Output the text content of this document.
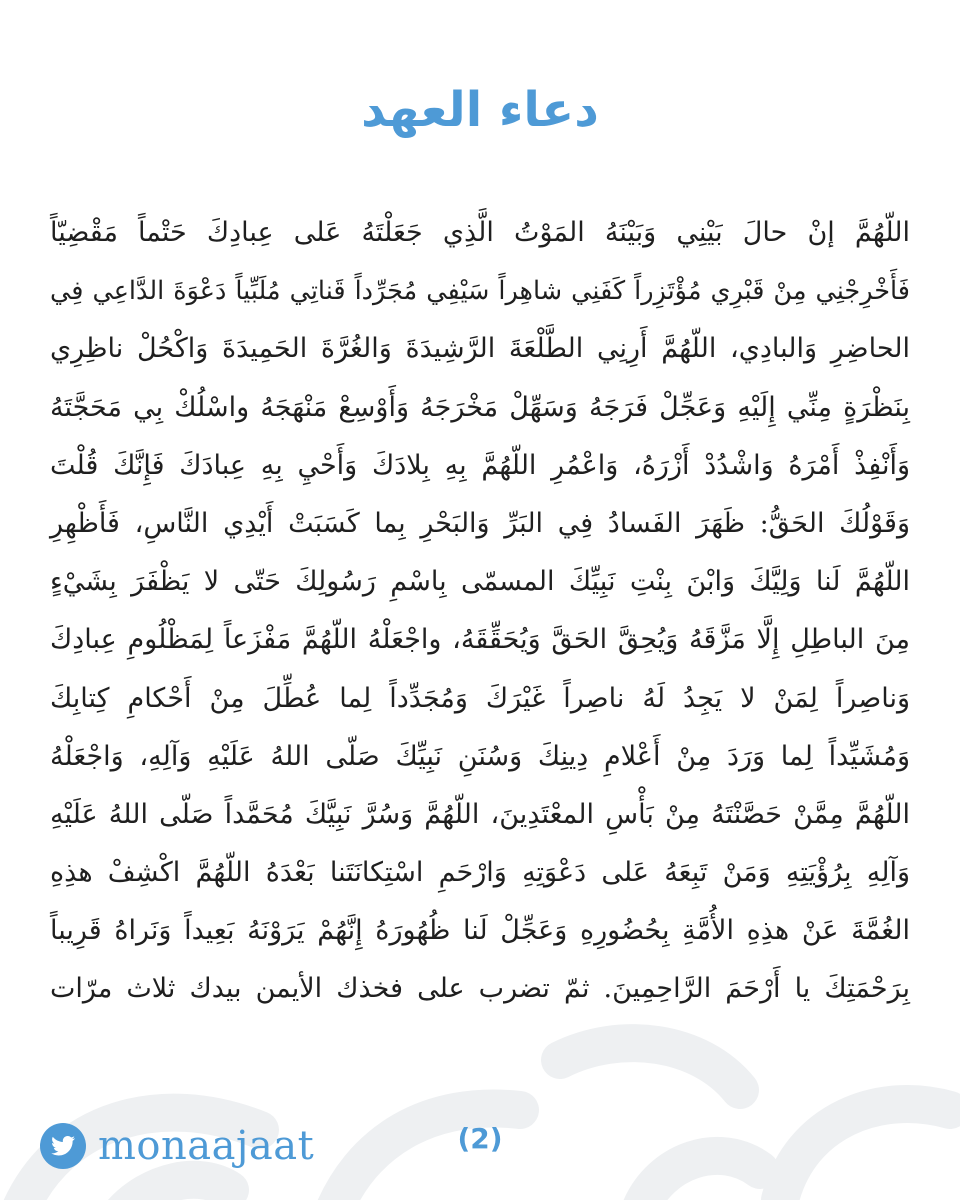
دعاء العهد
اللّهُمَّ إنْ حالَ بَيْنِي وَبَيْنَهُ المَوْتُ الَّذِي جَعَلْتَهُ عَلى عِبادِكَ حَتْماً مَقْضِيّاً
فَأَخْرِجْنِي مِنْ قَبْرِي مُؤْتَزِراً كَفَنِي شاهِراً سَيْفِي مُجَرِّداً قَناتِي مُلَبِّياً دَعْوَةَ الدَّاعِي فِي
الحاضِرِ وَالبادِي، اللّهُمَّ أَرِنِي الطَّلْعَةَ الرَّشِيدَةَ وَالغُرَّةَ الحَمِيدَةَ وَاكْحُلْ ناظِرِي
بِنَظْرَةٍ مِنِّي إِلَيْهِ وَعَجِّلْ فَرَجَهُ وَسَهِّلْ مَخْرَجَهُ وَأَوْسِعْ مَنْهَجَهُ واسْلُكْ بِي مَحَجَّتَهُ
وَأَنْفِذْ أَمْرَهُ وَاشْدُدْ أَزْرَهُ، وَاعْمُرِ اللّهُمَّ بِهِ بِلادَكَ وَأَحْيِ بِهِ عِبادَكَ فَإِنَّكَ قُلْتَ
وَقَوْلُكَ الحَقُّ: ظَهَرَ الفَسادُ فِي البَرِّ وَالبَحْرِ بِما كَسَبَتْ أَيْدِي النَّاسِ، فَأَظْهِرِ
اللّهُمَّ لَنا وَلِيَّكَ وَابْنَ بِنْتِ نَبِيِّكَ المسمّى بِاسْمِ رَسُولِكَ حَتّى لا يَظْفَرَ بِشَيْءٍ
مِنَ الباطِلِ إِلَّا مَزَّقَهُ وَيُحِقَّ الحَقَّ وَيُحَقِّقَهُ، واجْعَلْهُ اللّهُمَّ مَفْزَعاً لِمَظْلُومِ عِبادِكَ
وَناصِراً لِمَنْ لا يَجِدُ لَهُ ناصِراً غَيْرَكَ وَمُجَدِّداً لِما عُطِّلَ مِنْ أَحْكامِ كِتابِكَ
وَمُشَيِّداً لِما وَرَدَ مِنْ أَعْلامِ دِينِكَ وَسُنَنِ نَبِيِّكَ صَلّى اللهُ عَلَيْهِ وَآلِهِ، وَاجْعَلْهُ
اللّهُمَّ مِمَّنْ حَصَّنْتَهُ مِنْ بَأْسِ المعْتَدِينَ، اللّهُمَّ وَسُرَّ نَبِيَّكَ مُحَمَّداً صَلّى اللهُ عَلَيْهِ
وَآلِهِ بِرُؤْيَتِهِ وَمَنْ تَبِعَهُ عَلى دَعْوَتِهِ وَارْحَمِ اسْتِكانَتَنا بَعْدَهُ اللّهُمَّ اكْشِفْ هذِهِ
الغُمَّةَ عَنْ هذِهِ الأُمَّةِ بِحُضُورِهِ وَعَجِّلْ لَنا ظُهُورَهُ إِنَّهُمْ يَرَوْنَهُ بَعِيداً وَنَراهُ قَرِيباً
بِرَحْمَتِكَ يا أَرْحَمَ الرَّاحِمِينَ. ثمّ تضرب على فخذك الأيمن بيدك ثلاث مرّات
monaajaat	(2)
